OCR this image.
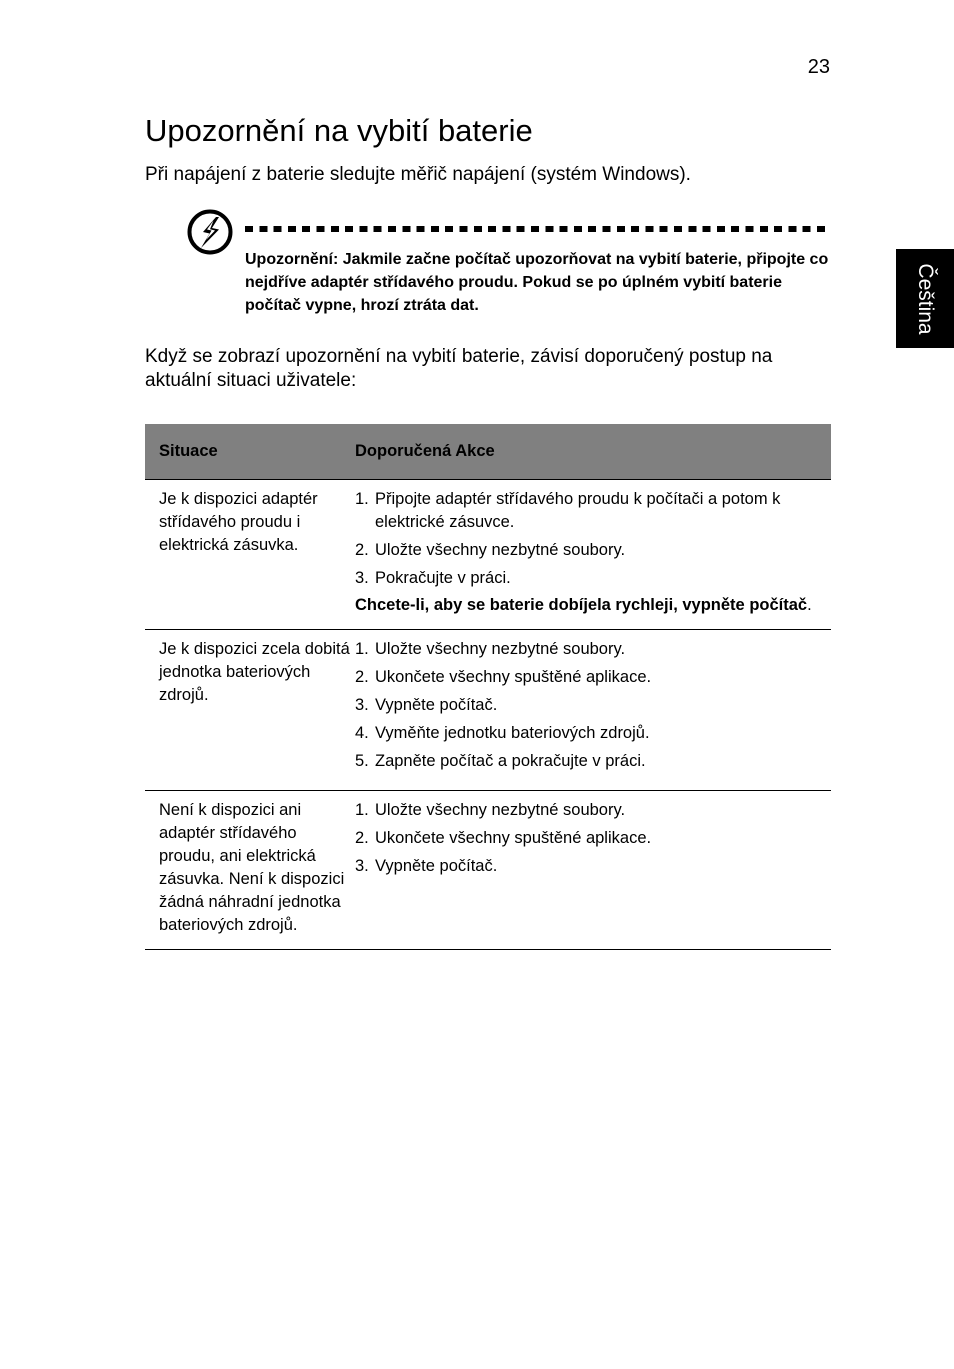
23
Čeština
Upozornění na vybití baterie

Při napájení z baterie sledujte měřič napájení (systém Windows).

Upozornění: Jakmile začne počítač upozorňovat na vybití baterie, připojte co nejdříve adaptér střídavého proudu. Pokud se po úplném vybití baterie počítač vypne, hrozí ztráta dat.

Když se zobrazí upozornění na vybití baterie, závisí doporučený postup na aktuální situaci uživatele:

Situace	Doporučená Akce
Je k dispozici adaptér střídavého proudu i elektrická zásuvka.
1. Připojte adaptér střídavého proudu k počítači a potom k elektrické zásuvce.
2. Uložte všechny nezbytné soubory.
3. Pokračujte v práci.
Chcete-li, aby se baterie dobíjela rychleji, vypněte počítač.
Je k dispozici zcela dobitá jednotka bateriových zdrojů.
1. Uložte všechny nezbytné soubory.
2. Ukončete všechny spuštěné aplikace.
3. Vypněte počítač.
4. Vyměňte jednotku bateriových zdrojů.
5. Zapněte počítač a pokračujte v práci.
Není k dispozici ani adaptér střídavého proudu, ani elektrická zásuvka. Není k dispozici žádná náhradní jednotka bateriových zdrojů.
1. Uložte všechny nezbytné soubory.
2. Ukončete všechny spuštěné aplikace.
3. Vypněte počítač.
